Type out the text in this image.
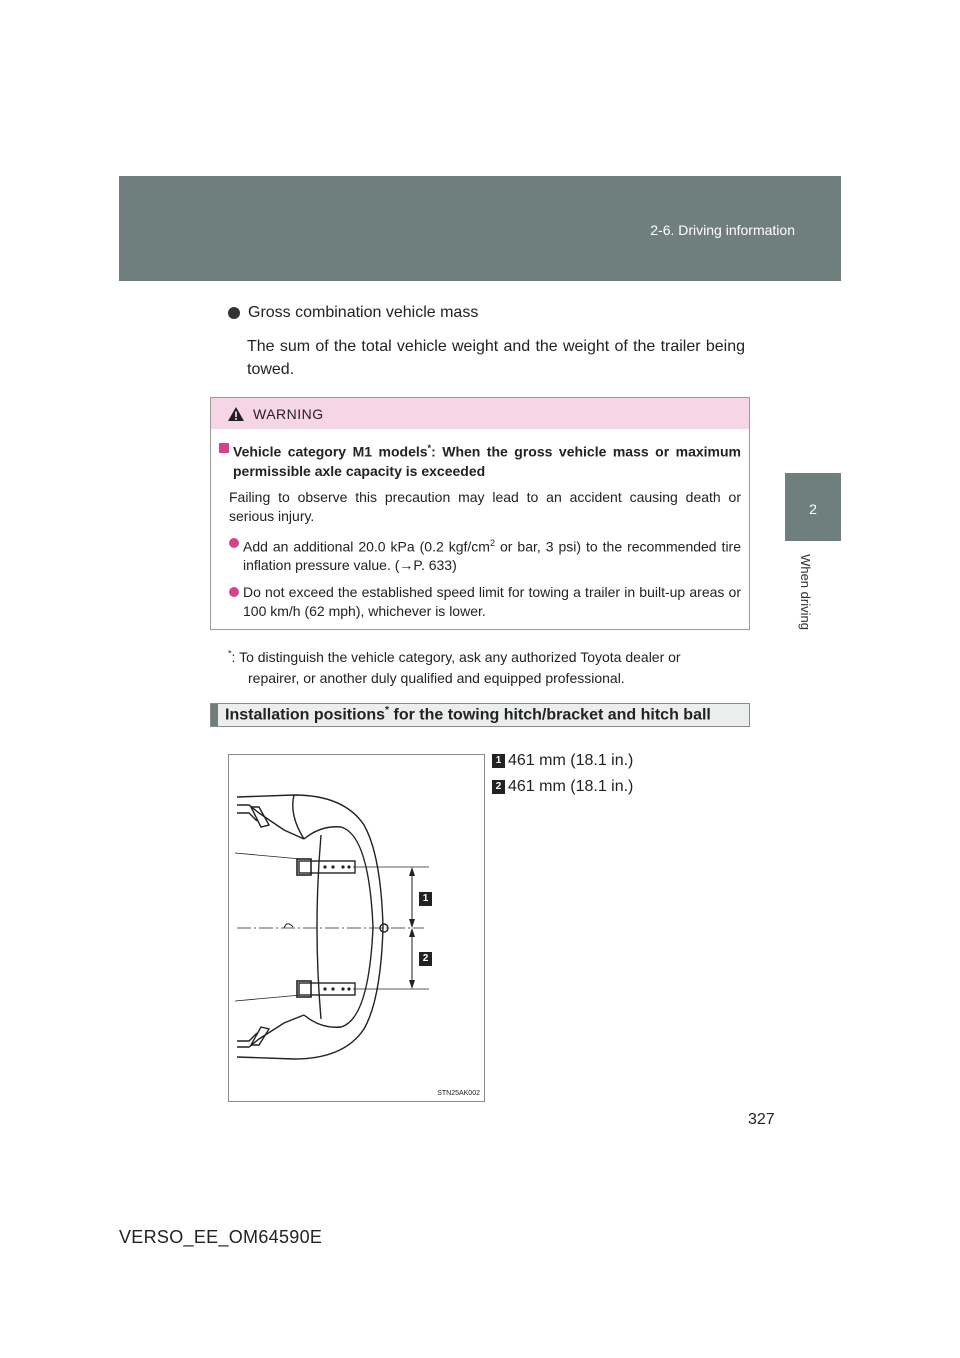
2-6. Driving information
2
When driving
Gross combination vehicle mass
The sum of the total vehicle weight and the weight of the trailer being towed.
WARNING
Vehicle category M1 models*: When the gross vehicle mass or maximum permissible axle capacity is exceeded
Failing to observe this precaution may lead to an accident causing death or serious injury.
Add an additional 20.0 kPa (0.2 kgf/$cm^2$ or bar, 3 psi) to the recommended tire inflation pressure value. (→P. 633)
Do not exceed the established speed limit for towing a trailer in built-up areas or 100 km/h (62 mph), whichever is lower.
*: To distinguish the vehicle category, ask any authorized Toyota dealer or
repairer, or another duly qualified and equipped professional.
Installation positions* for the towing hitch/bracket and hitch ball
1 461 mm (18.1 in.)
2 461 mm (18.1 in.)
1
2
STN25AK002
327
VERSO_EE_OM64590E
